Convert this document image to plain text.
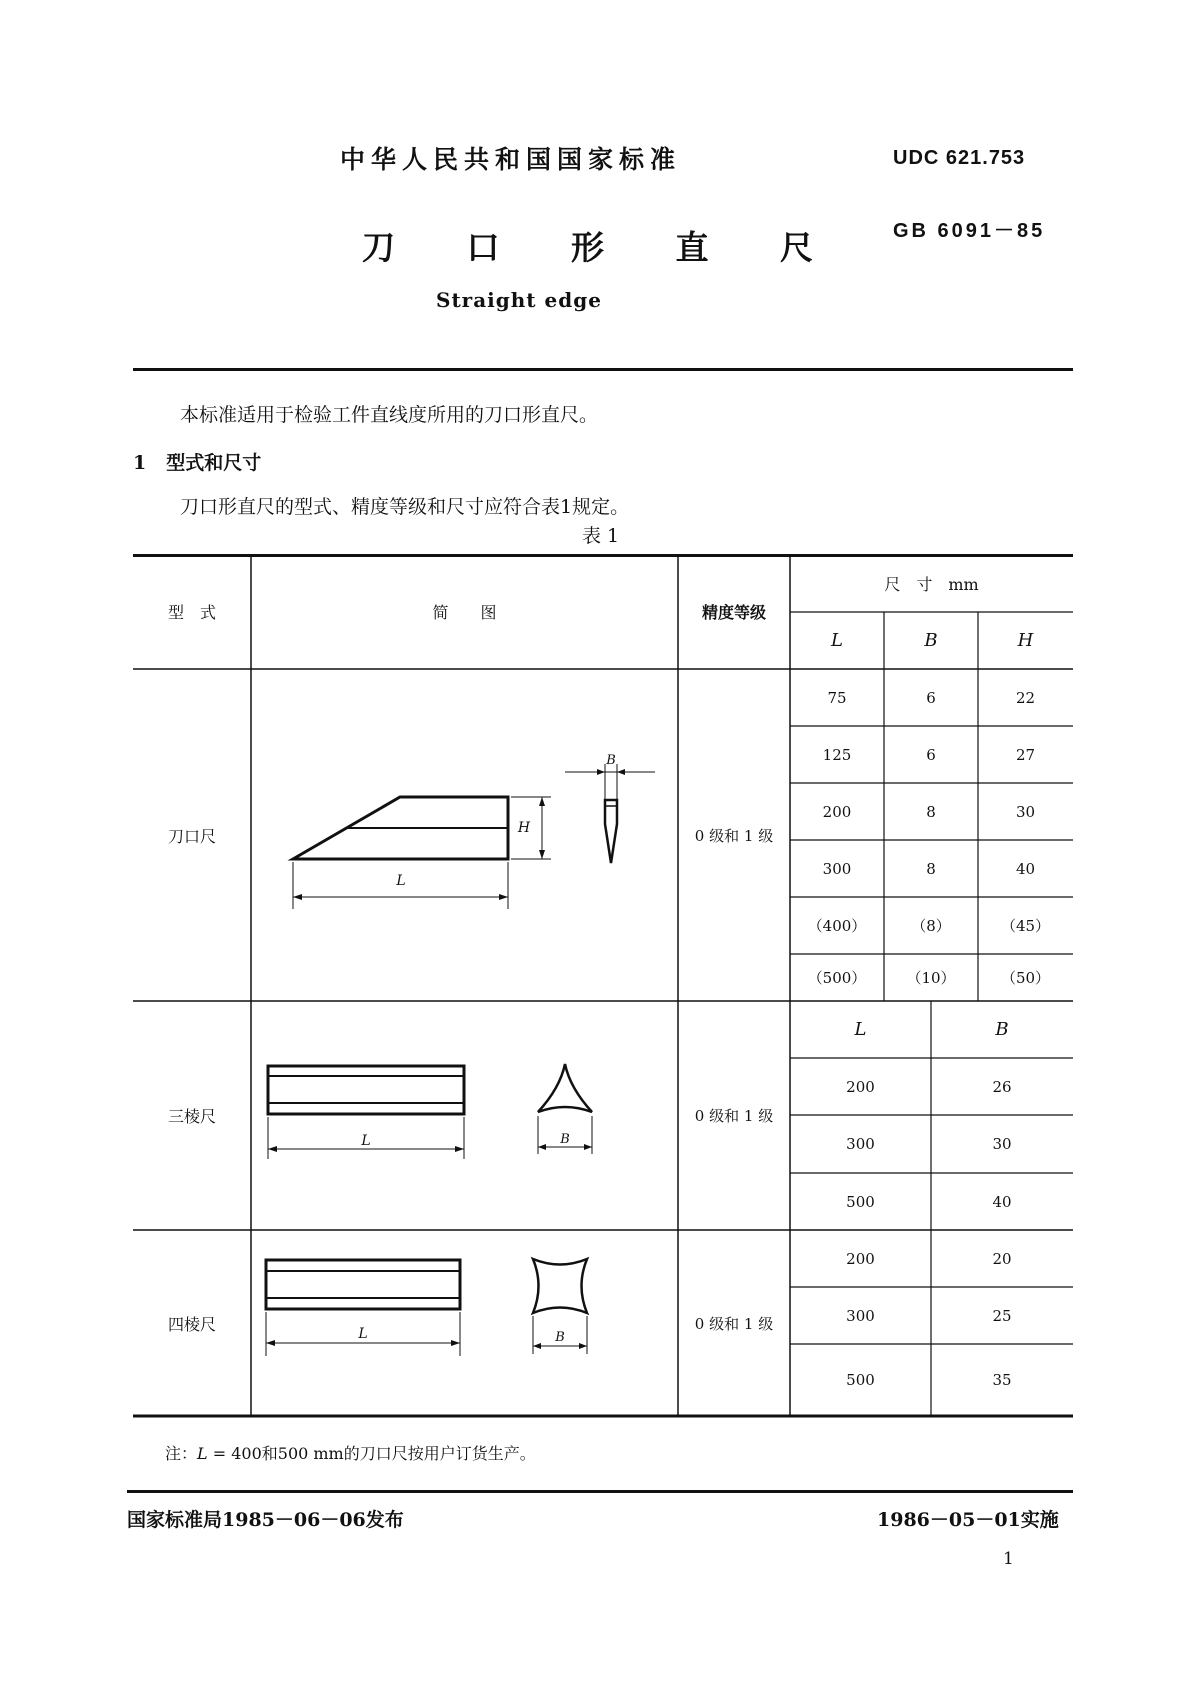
中华人民共和国国家标准	UDC 621.753
GB 6091－85
刀 口 形 直 尺
Straight edge
本标准适用于检验工件直线度所用的刀口形直尺。
1 型式和尺寸
刀口形直尺的型式、精度等级和尺寸应符合表1规定。
表 1
型　式	简　　图	精度等级
尺　寸　mm
L	B	H
刀口尺	0 级和 1 级
L
H
B
75	6	22
125	6	27
200	8	30
300	8	40
（400）	（8）	（45）
（500）	（10）	（50）
三棱尺	0 级和 1 级
L	B
L	B
200	26
300	30
500	40
四棱尺	0 级和 1 级
L	B
200	20
300	25
500	35
注：L = 400和500 mm的刀口尺按用户订货生产。
国家标准局1985－06－06发布	1986－05－01实施
1
